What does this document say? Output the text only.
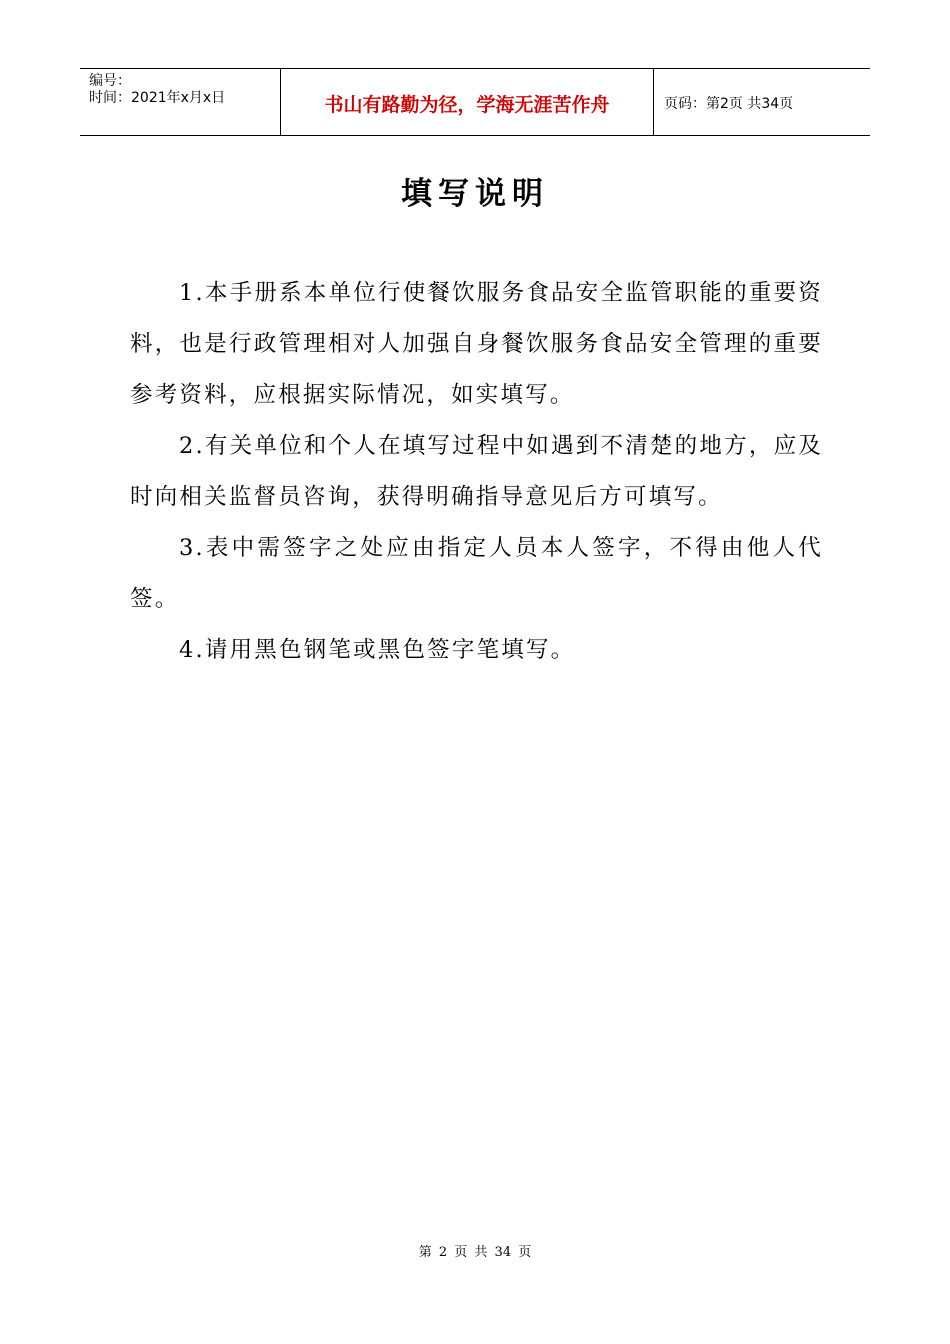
编号：
时间：2021年x月x日	书山有路勤为径，学海无涯苦作舟	页码：第2页 共34页
填写说明

1.本手册系本单位行使餐饮服务食品安全监管职能的重要资料，也是行政管理相对人加强自身餐饮服务食品安全管理的重要参考资料，应根据实际情况，如实填写。

2.有关单位和个人在填写过程中如遇到不清楚的地方，应及时向相关监督员咨询，获得明确指导意见后方可填写。

3.表中需签字之处应由指定人员本人签字，不得由他人代签。

4.请用黑色钢笔或黑色签字笔填写。

第 2 页 共 34 页
